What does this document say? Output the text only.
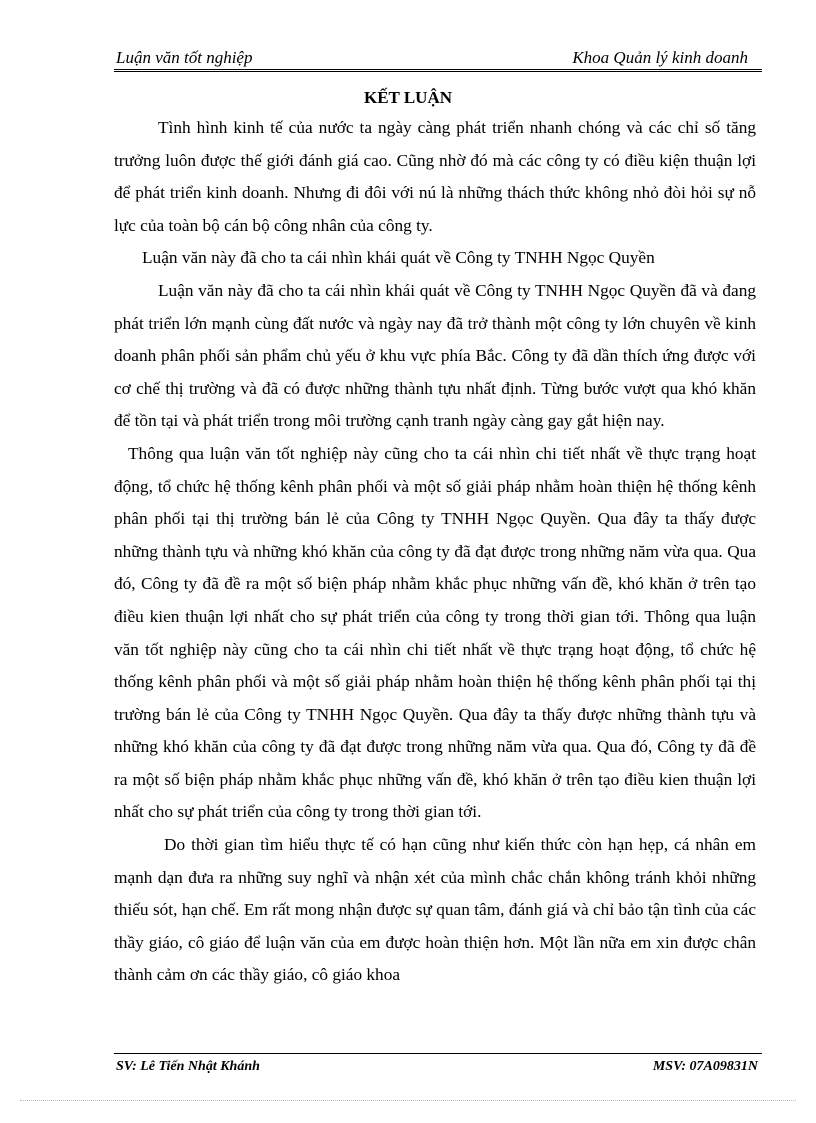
Luận văn tốt nghiệp	Khoa Quản lý kinh doanh
KẾT LUẬN

Tình hình kinh tế của nước ta ngày càng phát triển nhanh chóng và các chỉ số tăng trưởng luôn được thế giới đánh giá cao. Cũng nhờ đó mà các công ty có điều kiện thuận lợi để phát triển kinh doanh. Nhưng đi đôi với nú là những thách thức không nhỏ đòi hỏi sự nỗ lực của toàn bộ cán bộ công nhân của công ty.

Luận văn này đã cho ta cái nhìn khái quát về Công ty TNHH Ngọc Quyền

Luận văn này đã cho ta cái nhìn khái quát về Công ty TNHH Ngọc Quyền đã và đang phát triển lớn mạnh cùng đất nước và ngày nay đã trở thành một công ty lớn chuyên về kinh doanh phân phối sản phẩm chủ yếu ở khu vực phía Bắc. Công ty đã dần thích ứng được với cơ chế thị trường và đã có được những thành tựu nhất định. Từng bước vượt qua khó khăn để tồn tại và phát triển trong môi trường cạnh tranh ngày càng gay gắt hiện nay.

Thông qua luận văn tốt nghiệp này cũng cho ta cái nhìn chi tiết nhất về thực trạng hoạt động, tổ chức hệ thống kênh phân phối và một số giải pháp nhằm hoàn thiện hệ thống kênh phân phối tại thị trường bán lẻ của Công ty TNHH Ngọc Quyền. Qua đây ta thấy được những thành tựu và những khó khăn của công ty đã đạt được trong những năm vừa qua. Qua đó, Công ty đã đề ra một số biện pháp nhằm khắc phục những vấn đề, khó khăn ở trên tạo điều kien thuận lợi nhất cho sự phát triển của công ty trong thời gian tới. Thông qua luận văn tốt nghiệp này cũng cho ta cái nhìn chi tiết nhất về thực trạng hoạt động, tổ chức hệ thống kênh phân phối và một số giải pháp nhằm hoàn thiện hệ thống kênh phân phối tại thị trường bán lẻ của Công ty TNHH Ngọc Quyền. Qua đây ta thấy được những thành tựu và những khó khăn của công ty đã đạt được trong những năm vừa qua. Qua đó, Công ty đã đề ra một số biện pháp nhằm khắc phục những vấn đề, khó khăn ở trên tạo điều kien thuận lợi nhất cho sự phát triển của công ty trong thời gian tới.

Do thời gian tìm hiểu thực tế có hạn cũng như kiến thức còn hạn hẹp, cá nhân em mạnh dạn đưa ra những suy nghĩ và nhận xét của mình chắc chắn không tránh khỏi những thiếu sót, hạn chế. Em rất mong nhận được sự quan tâm, đánh giá và chỉ bảo tận tình của các thầy giáo, cô giáo để luận văn của em được hoàn thiện hơn. Một lần nữa em xin được chân thành cảm ơn các thầy giáo, cô giáo khoa

SV: Lê Tiến Nhật Khánh	MSV: 07A09831N
